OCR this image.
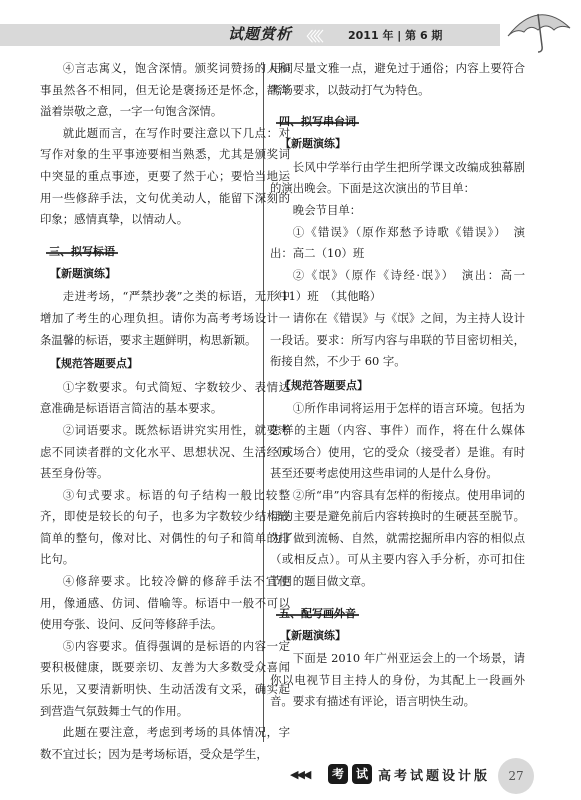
试题赏析 〈〈〈〈 2011 年 | 第 6 期

④言志寓义，饱含深情。颁奖词赞扬的人和事虽然各不相同，但无论是褒扬还是怀念，都洋溢着崇敬之意，一字一句饱含深情。

就此题而言，在写作时要注意以下几点：对写作对象的生平事迹要相当熟悉，尤其是颁奖词中突显的重点事迹，更要了然于心；要恰当地运用一些修辞手法，文句优美动人，能留下深刻的印象；感情真挚，以情动人。

三、拟写标语
【新题演练】

走进考场，“严禁抄袭”之类的标语，无形中增加了考生的心理负担。请你为高考考场设计一条温馨的标语，要求主题鲜明，构思新颖。

【规范答题要点】

①字数要求。句式简短、字数较少、表情达意准确是标语语言简洁的基本要求。

②词语要求。既然标语讲究实用性，就要考虑不同读者群的文化水平、思想状况、生活经历甚至身份等。

③句式要求。标语的句子结构一般比较整齐，即使是较长的句子，也多为字数较少结构较简单的整句，像对比、对偶性的句子和简单的排比句。

④修辞要求。比较冷僻的修辞手法不宜使用，像通感、仿词、借喻等。标语中一般不可以使用夸张、设问、反问等修辞手法。

⑤内容要求。值得强调的是标语的内容一定要积极健康，既要亲切、友善为大多数受众喜闻乐见，又要清新明快、生动活泼有文采，确实起到营造气氛鼓舞士气的作用。

此题在要注意，考虑到考场的具体情况，字数不宜过长；因为是考场标语，受众是学生，

用词尽量文雅一点，避免过于通俗；内容上要符合考场要求，以鼓动打气为特色。

四、拟写串台词
【新题演练】

长风中学举行由学生把所学课文改编成独幕剧的演出晚会。下面是这次演出的节目单：

晚会节目单：

①《错误》（原作郑愁予诗歌《错误》）　演出：高二（10）班

②《氓》（原作《诗经·氓》）　演出：高一（11）班　（其他略）

请你在《错误》与《氓》之间，为主持人设计一段话。要求：所写内容与串联的节目密切相关，衔接自然，不少于 60 字。

【规范答题要点】

①所作串词将运用于怎样的语言环境。包括为怎样的主题（内容、事件）而作，将在什么媒体（或场合）使用，它的受众（接受者）是谁。有时甚至还要考虑使用这些串词的人是什么身份。

②所“串”内容具有怎样的衔接点。使用串词的目的主要是避免前后内容转换时的生硬甚至脱节。为了做到流畅、自然，就需挖掘所串内容的相似点（或相反点）。可从主要内容入手分析，亦可扣住节目的题目做文章。

五、配写画外音
【新题演练】

下面是 2010 年广州亚运会上的一个场景，请你以电视节目主持人的身份，为其配上一段画外音。要求有描述有评论，语言明快生动。

◀◀◀	考 试 高考试题设计版	27
